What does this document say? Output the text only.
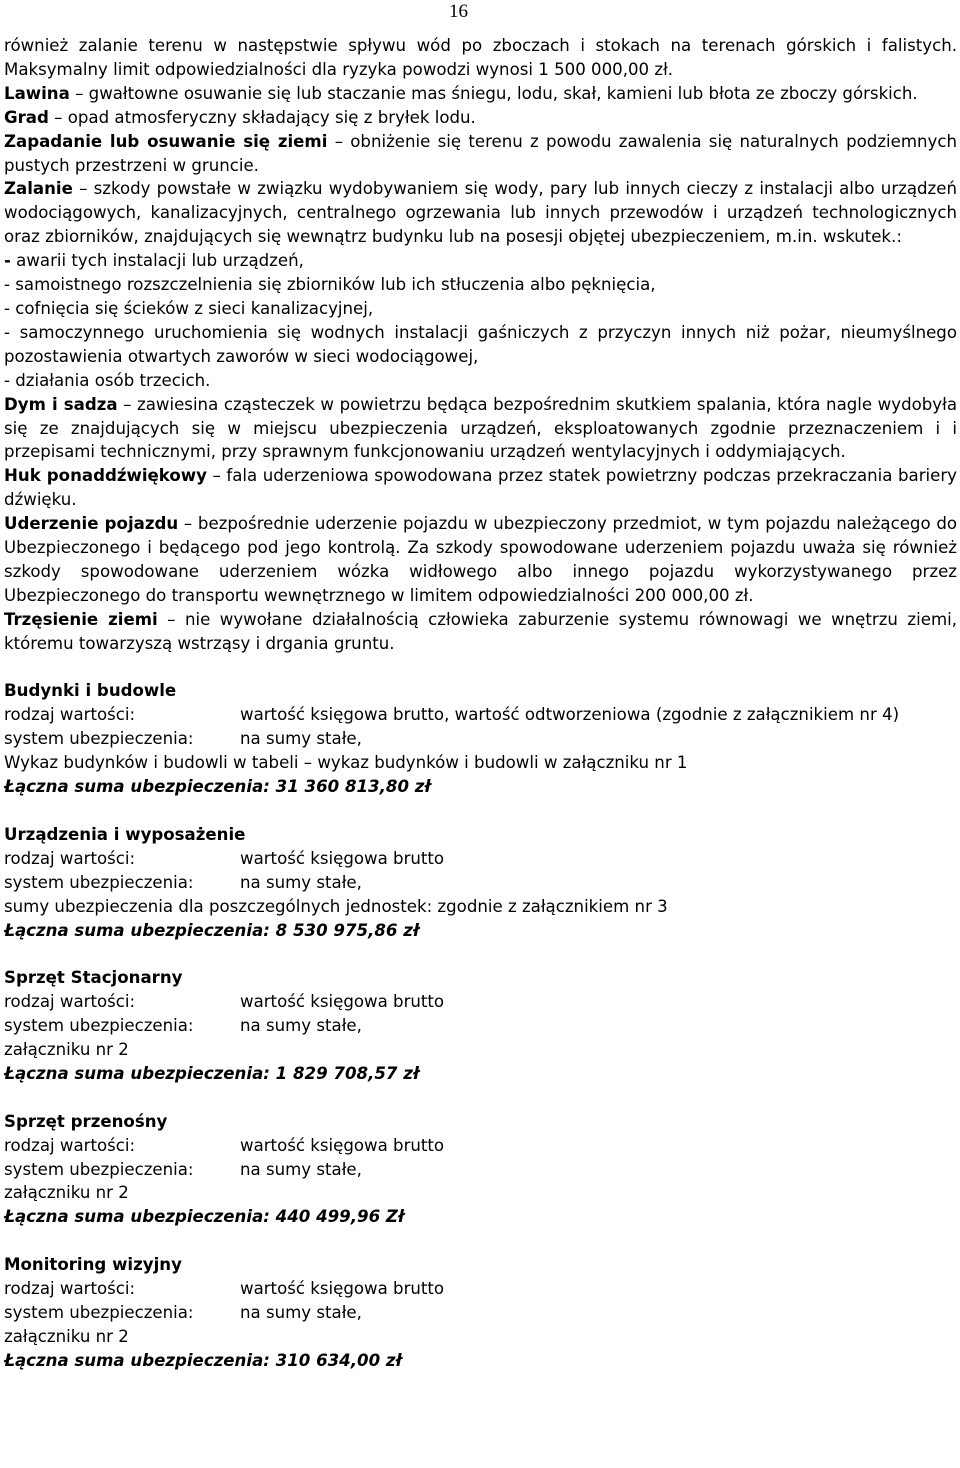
16

również zalanie terenu w następstwie spływu wód po zboczach i stokach na terenach górskich i falistych. Maksymalny limit odpowiedzialności dla ryzyka powodzi wynosi 1 500 000,00 zł.

Lawina – gwałtowne osuwanie się lub staczanie mas śniegu, lodu, skał, kamieni lub błota ze zboczy górskich.

Grad – opad atmosferyczny składający się z bryłek lodu.

Zapadanie lub osuwanie się ziemi – obniżenie się terenu z powodu zawalenia się naturalnych podziemnych pustych przestrzeni w gruncie.

Zalanie – szkody powstałe w związku wydobywaniem się wody, pary lub innych cieczy z instalacji albo urządzeń wodociągowych, kanalizacyjnych, centralnego ogrzewania lub innych przewodów i urządzeń technologicznych oraz zbiorników, znajdujących się wewnątrz budynku lub na posesji objętej ubezpieczeniem, m.in. wskutek.:

- awarii tych instalacji lub urządzeń,

- samoistnego rozszczelnienia się zbiorników lub ich stłuczenia albo pęknięcia,

- cofnięcia się ścieków z sieci kanalizacyjnej,

- samoczynnego uruchomienia się wodnych instalacji gaśniczych z przyczyn innych niż pożar, nieumyślnego pozostawienia otwartych zaworów w sieci wodociągowej,

- działania osób trzecich.

Dym i sadza – zawiesina cząsteczek w powietrzu będąca bezpośrednim skutkiem spalania, która nagle wydobyła się ze znajdujących się w miejscu ubezpieczenia urządzeń, eksploatowanych zgodnie przeznaczeniem i i przepisami technicznymi, przy sprawnym funkcjonowaniu urządzeń wentylacyjnych i oddymiających.

Huk ponaddźwiękowy – fala uderzeniowa spowodowana przez statek powietrzny podczas przekraczania bariery dźwięku.

Uderzenie pojazdu – bezpośrednie uderzenie pojazdu w ubezpieczony przedmiot, w tym pojazdu należącego do Ubezpieczonego i będącego pod jego kontrolą. Za szkody spowodowane uderzeniem pojazdu uważa się również szkody spowodowane uderzeniem wózka widłowego albo innego pojazdu wykorzystywanego przez Ubezpieczonego do transportu wewnętrznego w limitem odpowiedzialności 200 000,00 zł.

Trzęsienie ziemi – nie wywołane działalnością człowieka zaburzenie systemu równowagi we wnętrzu ziemi, któremu towarzyszą wstrząsy i drgania gruntu.

Budynki i budowle

rodzaj wartości:	wartość księgowa brutto, wartość odtworzeniowa (zgodnie z załącznikiem nr 4)
system ubezpieczenia:	na sumy stałe,

Wykaz budynków i budowli w tabeli – wykaz budynków i budowli w załączniku nr 1

Łączna suma ubezpieczenia: 31 360 813,80 zł

Urządzenia i wyposażenie

rodzaj wartości:	wartość księgowa brutto
system ubezpieczenia:	na sumy stałe,

sumy ubezpieczenia dla poszczególnych jednostek: zgodnie z załącznikiem nr 3

Łączna suma ubezpieczenia: 8 530 975,86 zł

Sprzęt Stacjonarny

rodzaj wartości:	wartość księgowa brutto
system ubezpieczenia:	na sumy stałe,

załączniku nr 2

Łączna suma ubezpieczenia: 1 829 708,57 zł

Sprzęt przenośny

rodzaj wartości:	wartość księgowa brutto
system ubezpieczenia:	na sumy stałe,

załączniku nr 2

Łączna suma ubezpieczenia: 440 499,96 Zł

Monitoring wizyjny

rodzaj wartości:	wartość księgowa brutto
system ubezpieczenia:	na sumy stałe,

załączniku nr 2

Łączna suma ubezpieczenia: 310 634,00 zł
